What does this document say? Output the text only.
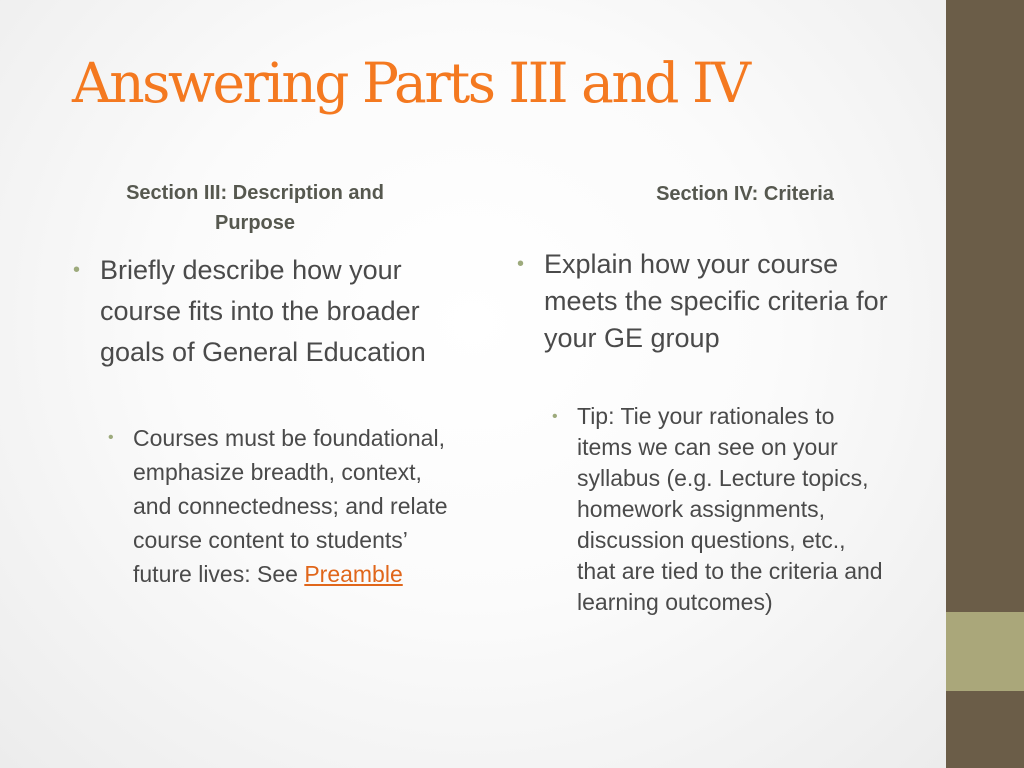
Answering Parts III and IV
Section III: Description and Purpose
Section IV: Criteria
• Briefly describe how your course fits into the broader goals of General Education
• Courses must be foundational, emphasize breadth, context, and connectedness; and relate course content to students’ future lives: See Preamble
• Explain how your course meets the specific criteria for your GE group
• Tip: Tie your rationales to items we can see on your syllabus (e.g. Lecture topics, homework assignments, discussion questions, etc., that are tied to the criteria and learning outcomes)
